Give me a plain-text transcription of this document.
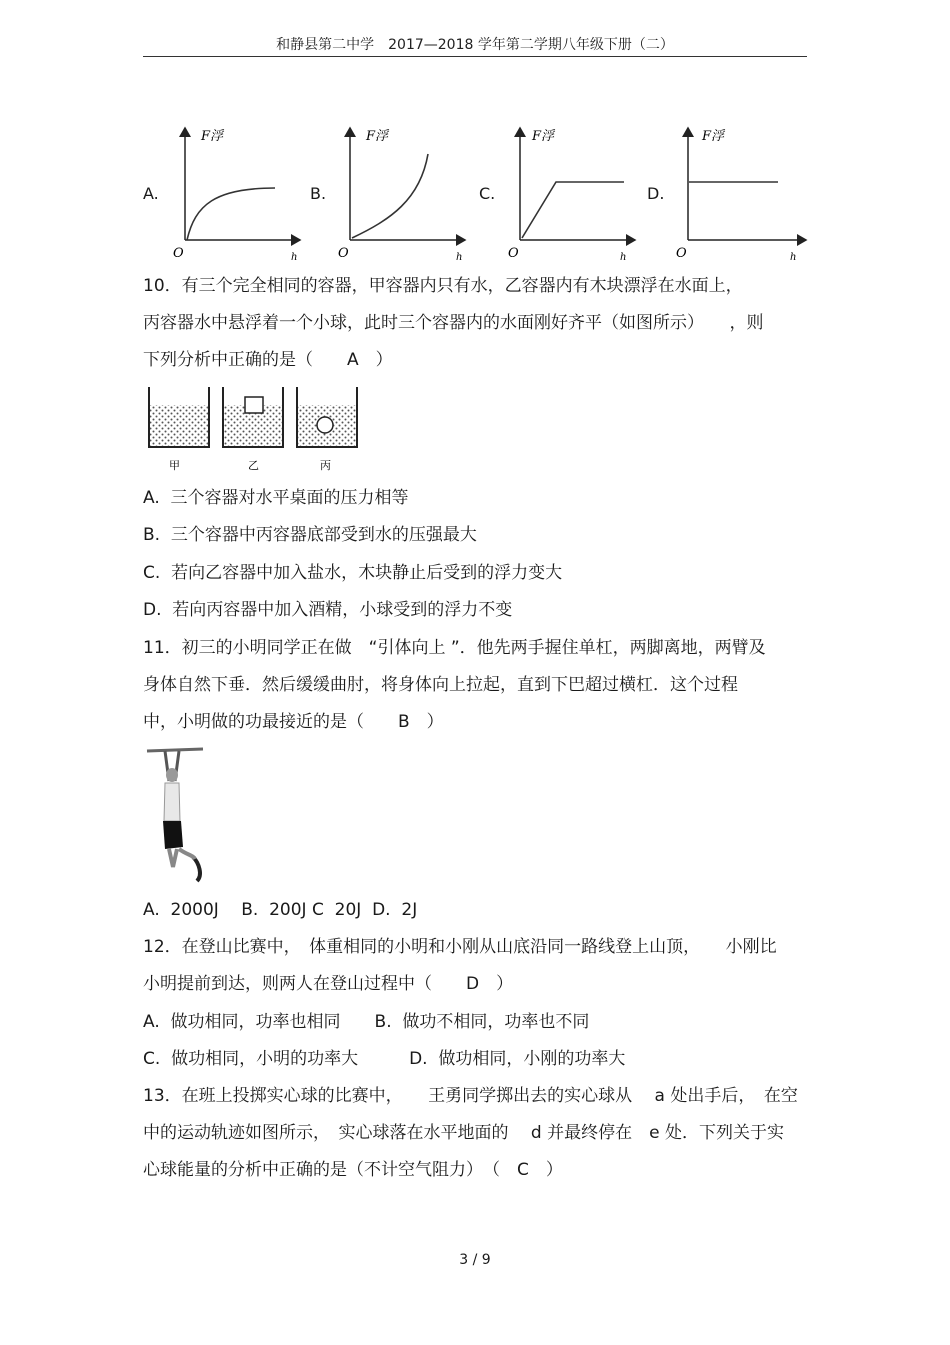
和静县第二中学　2017—2018 学年第二学期八年级下册（二）
A.
F浮
O	h
B.
F浮
O	h
C.
F浮
O	h
D.
F浮
O	h
10．有三个完全相同的容器，甲容器内只有水，乙容器内有木块漂浮在水面上，
丙容器水中悬浮着一个小球，此时三个容器内的水面刚好齐平（如图所示）　　，则
下列分析中正确的是（　　A　）
甲	乙	丙
A.  三个容器对水平桌面的压力相等
B.  三个容器中丙容器底部受到水的压强最大
C.  若向乙容器中加入盐水，木块静止后受到的浮力变大
D.  若向丙容器中加入酒精，小球受到的浮力不变
11．初三的小明同学正在做　“引体向上 ”．他先两手握住单杠，两脚离地，两臂及
身体自然下垂．然后缓缓曲肘，将身体向上拉起，直到下巴超过横杠．这个过程
中，小明做的功最接近的是（　　B　）
A.  2000J　 B.  200J C  20J  D.  2J
12．在登山比赛中，　体重相同的小明和小刚从山底沿同一路线登上山顶，　　小刚比
小明提前到达，则两人在登山过程中（　　D　）
A.  做功相同，功率也相同　　B.  做功不相同，功率也不同
C.  做功相同，小明的功率大　　　D.  做功相同，小刚的功率大
13．在班上投掷实心球的比赛中，　　王勇同学掷出去的实心球从　 a 处出手后，　在空
中的运动轨迹如图所示，　实心球落在水平地面的　 d 并最终停在　e 处．下列关于实
心球能量的分析中正确的是（不计空气阻力）　（　C　）
3 / 9
